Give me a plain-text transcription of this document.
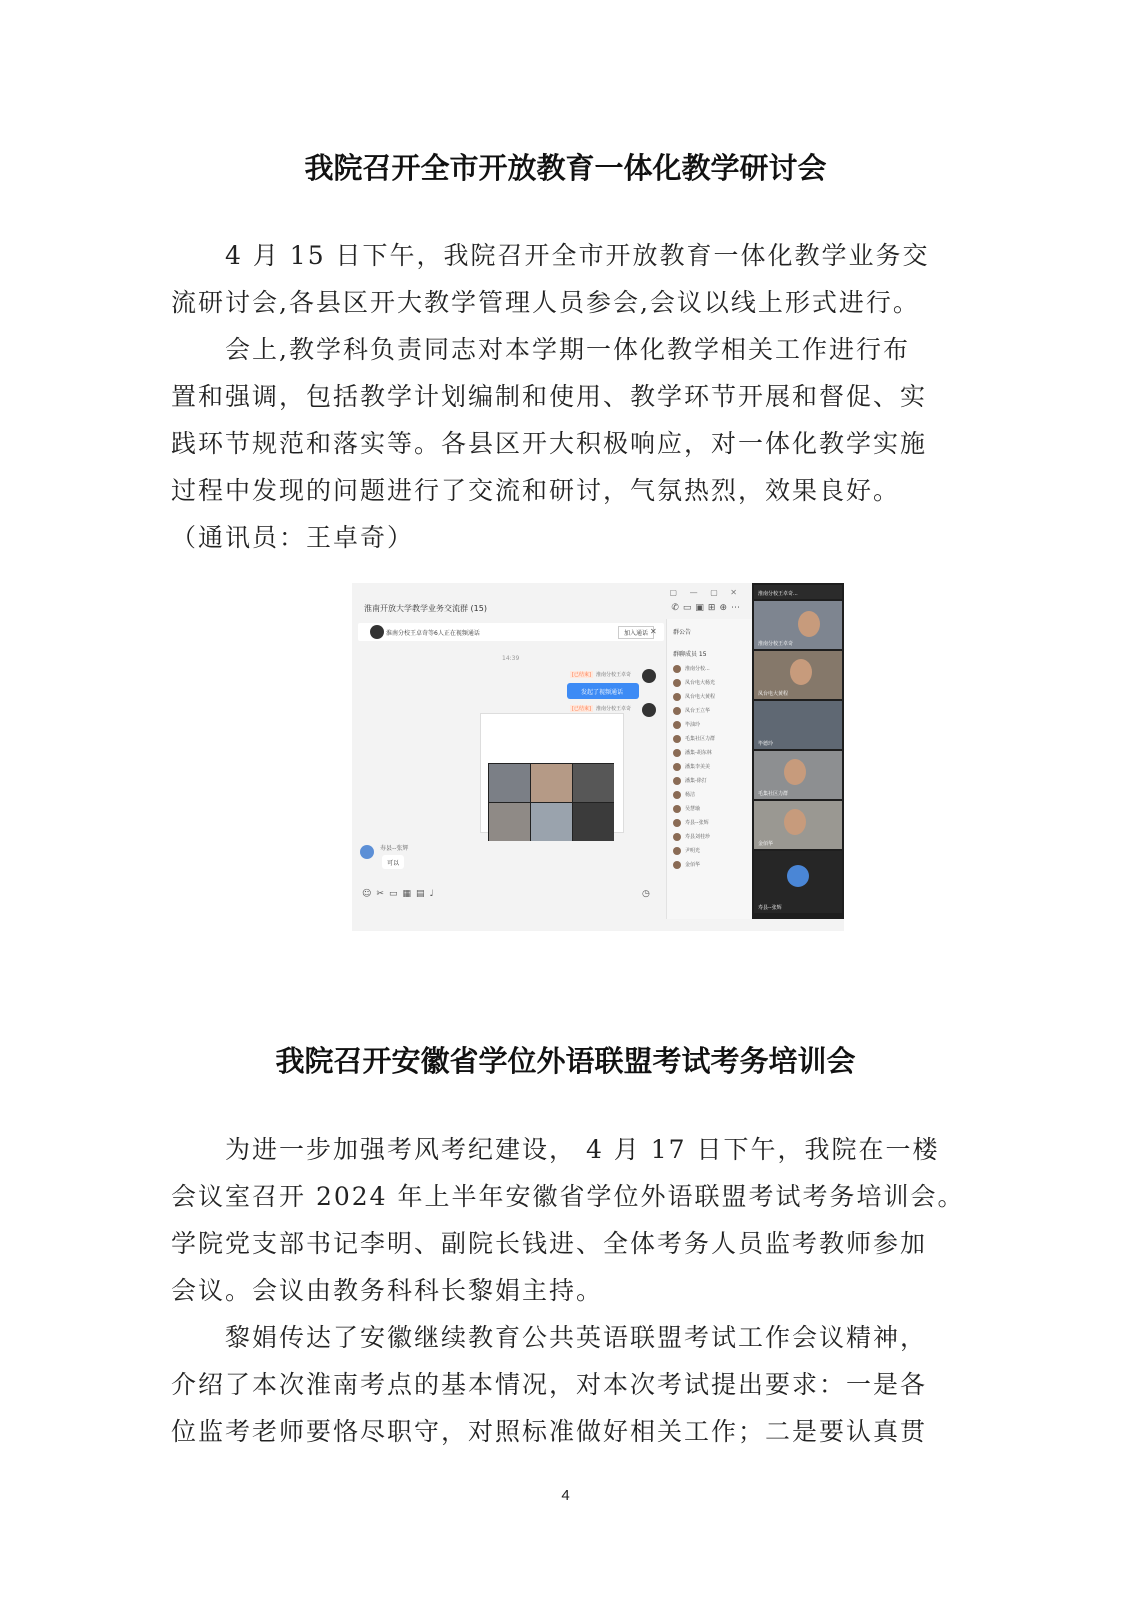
我院召开全市开放教育一体化教学研讨会
4 月 15 日下午，我院召开全市开放教育一体化教学业务交
流研讨会,各县区开大教学管理人员参会,会议以线上形式进行。
会上,教学科负责同志对本学期一体化教学相关工作进行布
置和强调，包括教学计划编制和使用、教学环节开展和督促、实
践环节规范和落实等。各县区开大积极响应，对一体化教学实施
过程中发现的问题进行了交流和研讨，气氛热烈，效果良好。
（通讯员：王卓奇）
淮南开放大学教学业务交流群 (15)
▢ — ▢ ✕
✆▭▣⊞⊕⋯
淮南分校王卓奇等6人正在视频通话	加入通话 ✕
14:39
[已结束]	淮南分校王卓奇
发起了视频通话
[已结束]	淮南分校王卓奇
寿县--张辉
可以
☺✂▭▦▤♩	◷
群公告
群聊成员 15
淮南分校...
凤台电大杨光
凤台电大黄程
凤台王立华
毕油玲
毛集社区力群
潘集-胡东林
潘集李美美
潘集-徐打
杨洁
吴慧瑜
寿县--张辉
寿县刘桂珍
尹明光
金佰华
淮南分校王卓奇...
淮南分校王卓奇
凤台电大黄程
毕德玲
毛集社区力群
金佰华
寿县--张辉
我院召开安徽省学位外语联盟考试考务培训会
为进一步加强考风考纪建设， 4 月 17 日下午，我院在一楼
会议室召开 2024 年上半年安徽省学位外语联盟考试考务培训会。
学院党支部书记李明、副院长钱进、全体考务人员监考教师参加
会议。会议由教务科科长黎娟主持。
黎娟传达了安徽继续教育公共英语联盟考试工作会议精神，
介绍了本次淮南考点的基本情况，对本次考试提出要求：一是各
位监考老师要恪尽职守，对照标准做好相关工作；二是要认真贯
4
